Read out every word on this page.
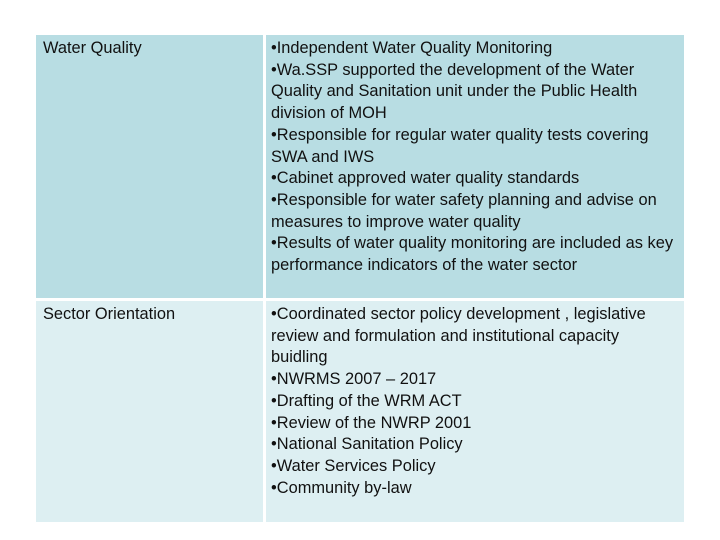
Water Quality	•Independent Water Quality Monitoring
•Wa.SSP supported the development of the Water Quality and Sanitation unit under the Public Health division of MOH
•Responsible for regular water quality tests covering SWA and IWS
•Cabinet approved water quality standards
•Responsible for water safety planning and advise on measures to improve water quality
•Results of water quality monitoring are included as key performance indicators of the water sector
Sector Orientation	•Coordinated sector policy development , legislative review and formulation and institutional capacity buidling
•NWRMS 2007 – 2017
•Drafting of the WRM ACT
•Review of the NWRP 2001
•National Sanitation Policy
•Water Services Policy
•Community by-law
